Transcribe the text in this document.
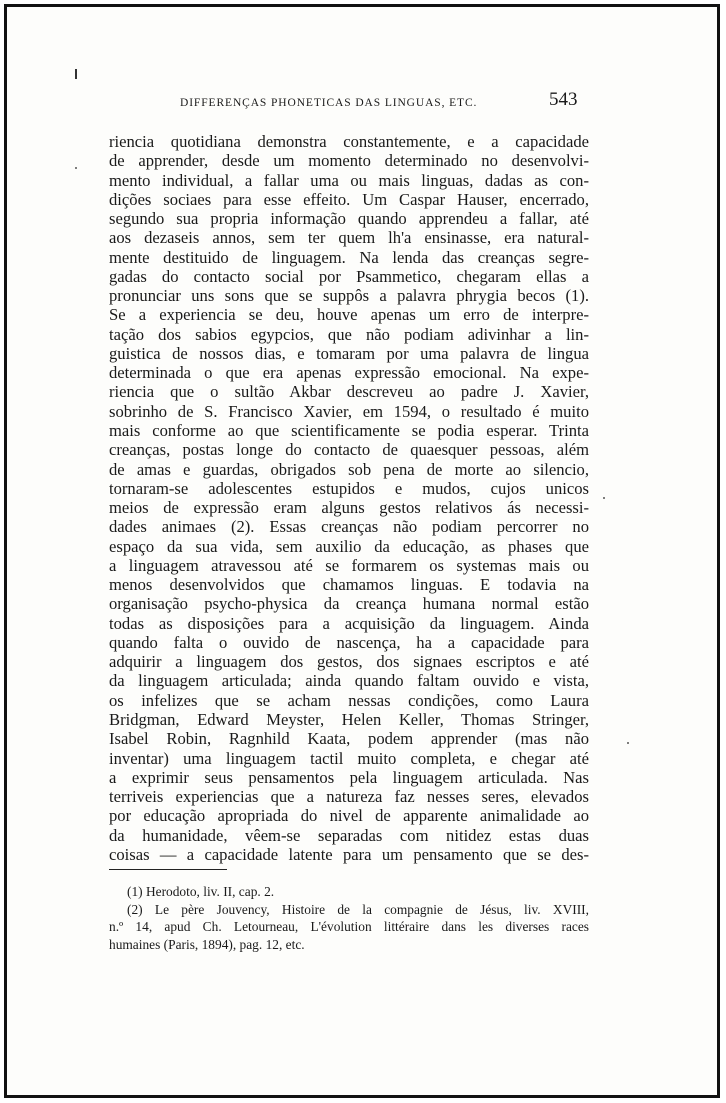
DIFFERENÇAS PHONETICAS DAS LINGUAS, ETC.	543
riencia quotidiana demonstra constantemente, e a capacidade
de apprender, desde um momento determinado no desenvolvi-
mento individual, a fallar uma ou mais linguas, dadas as con-
dições sociaes para esse effeito. Um Caspar Hauser, encerrado,
segundo sua propria informação quando apprendeu a fallar, até
aos dezaseis annos, sem ter quem lh'a ensinasse, era natural-
mente destituido de linguagem. Na lenda das creanças segre-
gadas do contacto social por Psammetico, chegaram ellas a
pronunciar uns sons que se suppôs a palavra phrygia becos (1).
Se a experiencia se deu, houve apenas um erro de interpre-
tação dos sabios egypcios, que não podiam adivinhar a lin-
guistica de nossos dias, e tomaram por uma palavra de lingua
determinada o que era apenas expressão emocional. Na expe-
riencia que o sultão Akbar descreveu ao padre J. Xavier,
sobrinho de S. Francisco Xavier, em 1594, o resultado é muito
mais conforme ao que scientificamente se podia esperar. Trinta
creanças, postas longe do contacto de quaesquer pessoas, além
de amas e guardas, obrigados sob pena de morte ao silencio,
tornaram-se adolescentes estupidos e mudos, cujos unicos
meios de expressão eram alguns gestos relativos ás necessi-
dades animaes (2). Essas creanças não podiam percorrer no
espaço da sua vida, sem auxilio da educação, as phases que
a linguagem atravessou até se formarem os systemas mais ou
menos desenvolvidos que chamamos linguas. E todavia na
organisação psycho-physica da creança humana normal estão
todas as disposições para a acquisição da linguagem. Ainda
quando falta o ouvido de nascença, ha a capacidade para
adquirir a linguagem dos gestos, dos signaes escriptos e até
da linguagem articulada; ainda quando faltam ouvido e vista,
os infelizes que se acham nessas condições, como Laura
Bridgman, Edward Meyster, Helen Keller, Thomas Stringer,
Isabel Robin, Ragnhild Kaata, podem apprender (mas não
inventar) uma linguagem tactil muito completa, e chegar até
a exprimir seus pensamentos pela linguagem articulada. Nas
terriveis experiencias que a natureza faz nesses seres, elevados
por educação apropriada do nivel de apparente animalidade ao
da humanidade, vêem-se separadas com nitidez estas duas
coisas — a capacidade latente para um pensamento que se des-
(1) Herodoto, liv. II, cap. 2.
(2) Le père Jouvency, Histoire de la compagnie de Jésus, liv. XVIII,
n.º 14, apud Ch. Letourneau, L'évolution littéraire dans les diverses races
humaines (Paris, 1894), pag. 12, etc.
